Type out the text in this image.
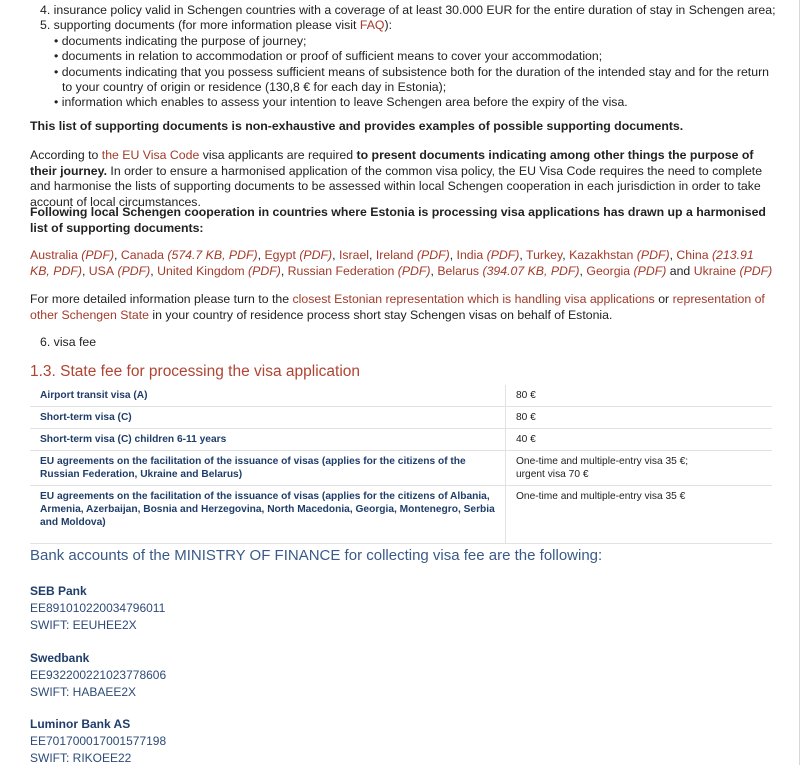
4. insurance policy valid in Schengen countries with a coverage of at least 30.000 EUR for the entire duration of stay in Schengen area;
5. supporting documents (for more information please visit FAQ):
• documents indicating the purpose of journey;
• documents in relation to accommodation or proof of sufficient means to cover your accommodation;
• documents indicating that you possess sufficient means of subsistence both for the duration of the intended stay and for the return to your country of origin or residence (130,8 € for each day in Estonia);
• information which enables to assess your intention to leave Schengen area before the expiry of the visa.
This list of supporting documents is non-exhaustive and provides examples of possible supporting documents.
According to the EU Visa Code visa applicants are required to present documents indicating among other things the purpose of their journey. In order to ensure a harmonised application of the common visa policy, the EU Visa Code requires the need to complete and harmonise the lists of supporting documents to be assessed within local Schengen cooperation in each jurisdiction in order to take account of local circumstances.
Following local Schengen cooperation in countries where Estonia is processing visa applications has drawn up a harmonised list of supporting documents:
Australia (PDF), Canada (574.7 KB, PDF), Egypt (PDF), Israel, Ireland (PDF), India (PDF), Turkey, Kazakhstan (PDF), China (213.91 KB, PDF), USA (PDF), United Kingdom (PDF), Russian Federation (PDF), Belarus (394.07 KB, PDF), Georgia (PDF) and Ukraine (PDF)
For more detailed information please turn to the closest Estonian representation which is handling visa applications or representation of other Schengen State in your country of residence process short stay Schengen visas on behalf of Estonia.
6. visa fee
1.3. State fee for processing the visa application
Airport transit visa (A)	80 €
Short-term visa (C)	80 €
Short-term visa (C) children 6-11 years	40 €
EU agreements on the facilitation of the issuance of visas (applies for the citizens of the Russian Federation, Ukraine and Belarus)	One-time and multiple-entry visa 35 €;
urgent visa 70 €

EU agreements on the facilitation of the issuance of visas (applies for the citizens of Albania, Armenia, Azerbaijan, Bosnia and Herzegovina, North Macedonia, Georgia, Montenegro, Serbia and Moldova)	One-time and multiple-entry visa 35 €
Bank accounts of the MINISTRY OF FINANCE for collecting visa fee are the following:
SEB Pank
EE891010220034796011
SWIFT: EEUHEE2X
Swedbank
EE932200221023778606
SWIFT: HABAEE2X
Luminor Bank AS
EE701700017001577198
SWIFT: RIKOEE22
